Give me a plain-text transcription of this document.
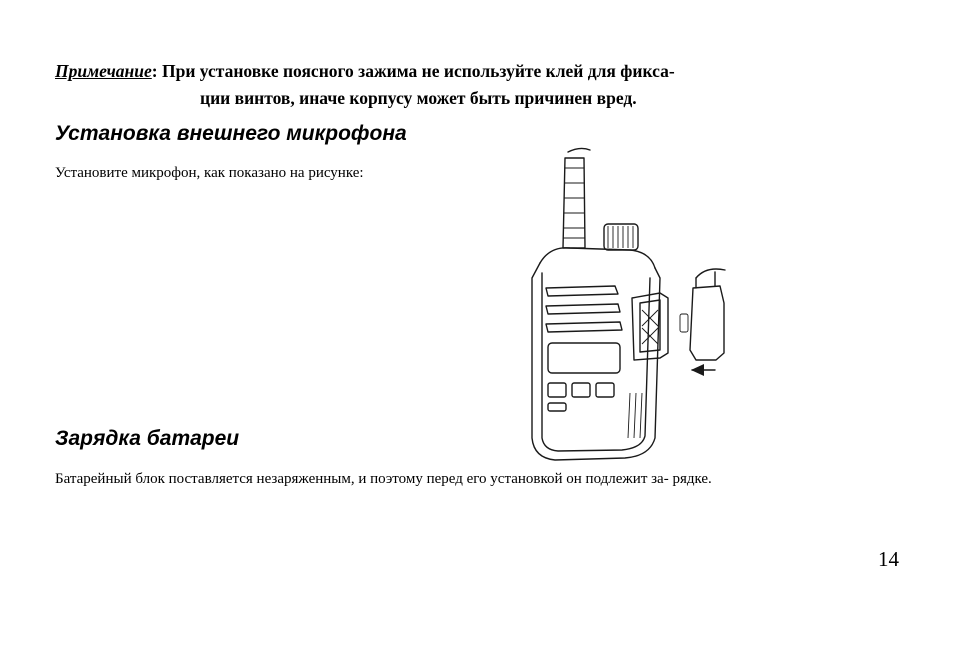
Примечание: При установке поясного зажима не используйте клей для фикса-
ции винтов, иначе корпусу может быть причинен вред.
Установка внешнего микрофона
Установите микрофон, как показано на рисунке:
Зарядка батареи
Батарейный блок поставляется незаряженным, и поэтому перед его установкой он подлежит за- рядке.
14
